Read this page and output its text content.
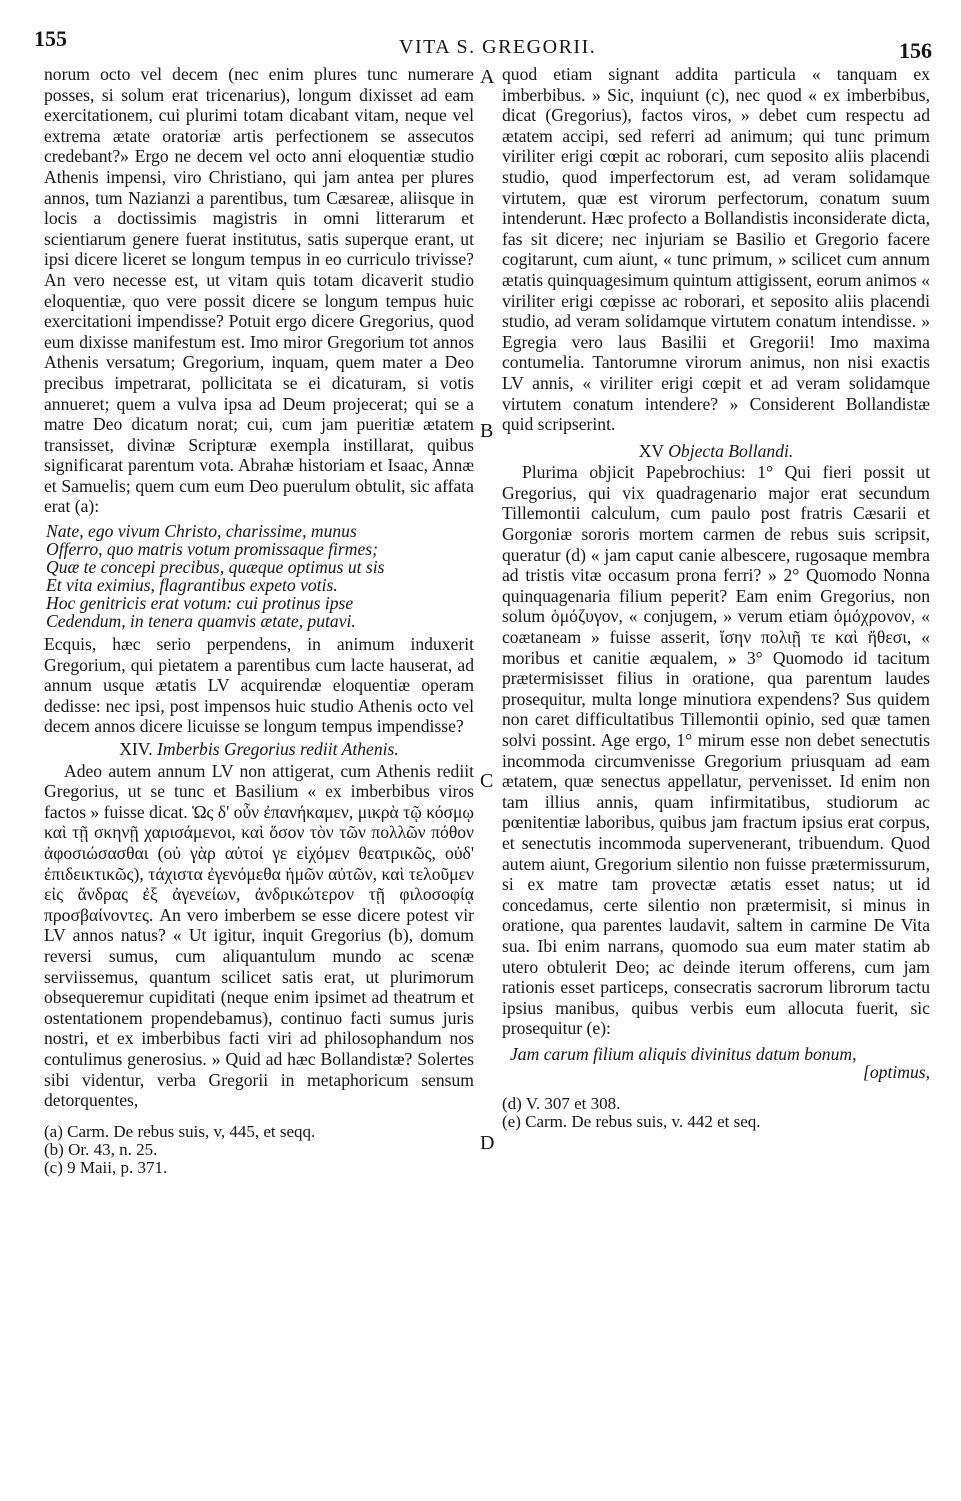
155	VITA S. GREGORII.	156

norum octo vel decem (nec enim plures tunc numerare posses, si solum erat tricenarius), longum dixisset ad eam exercitationem, cui plurimi totam dicabant vitam, neque vel extrema ætate oratoriæ artis perfectionem se assecutos credebant?» Ergo ne decem vel octo anni eloquentiæ studio Athenis impensi, viro Christiano, qui jam antea per plures annos, tum Nazianzi a parentibus, tum Cæsareæ, aliisque in locis a doctissimis magistris in omni litterarum et scientiarum genere fuerat institutus, satis superque erant, ut ipsi dicere liceret se longum tempus in eo curriculo trivisse? An vero necesse est, ut vitam quis totam dicaverit studio eloquentiæ, quo vere possit dicere se longum tempus huic exercitationi impendisse? Potuit ergo dicere Gregorius, quod eum dixisse manifestum est. Imo miror Gregorium tot annos Athenis versatum; Gregorium, inquam, quem mater a Deo precibus impetrarat, pollicitata se ei dicaturam, si votis annueret; quem a vulva ipsa ad Deum projecerat; qui se a matre Deo dicatum norat; cui, cum jam pueritiæ ætatem transisset, divinæ Scripturæ exempla instillarat, quibus significarat parentum vota. Abrahæ historiam et Isaac, Annæ et Samuelis; quem cum eum Deo puerulum obtulit, sic affata erat (a):

Nate, ego vivum Christo, charissime, munus
Offerro, quo matris votum promissaque firmes;
Quæ te concepi precibus, quæque optimus ut sis
Et vita eximius, flagrantibus expeto votis.
Hoc genitricis erat votum: cui protinus ipse
Cedendum, in tenera quamvis ætate, putavi.

Ecquis, hæc serio perpendens, in animum induxerit Gregorium, qui pietatem a parentibus cum lacte hauserat, ad annum usque ætatis LV acquirendæ eloquentiæ operam dedisse: nec ipsi, post impensos huic studio Athenis octo vel decem annos dicere licuisse se longum tempus impendisse?

XIV. Imberbis Gregorius rediit Athenis.

Adeo autem annum LV non attigerat, cum Athenis rediit Gregorius, ut se tunc et Basilium « ex imberbibus viros factos » fuisse dicat. Ὡς δ' οὖν ἐπανήκαμεν, μικρὰ τῷ κόσμῳ καὶ τῇ σκηνῇ χαρισάμενοι, καὶ ὅσον τὸν τῶν πολλῶν πόθον ἀφοσιώσασθαι (οὐ γὰρ αὐτοί γε εἰχόμεν θεατρικῶς, οὐδ' ἐπιδεικτικῶς), τάχιστα ἐγενόμεθα ἡμῶν αὐτῶν, καὶ τελοῦμεν εἰς ἄνδρας ἐξ ἀγενείων, ἀνδρικώτερον τῇ φιλοσοφίᾳ προσβαίνοντες. An vero imberbem se esse dicere potest vir LV annos natus? « Ut igitur, inquit Gregorius (b), domum reversi sumus, cum aliquantulum mundo ac scenæ serviissemus, quantum scilicet satis erat, ut plurimorum obsequeremur cupiditati (neque enim ipsimet ad theatrum et ostentationem propendebamus), continuo facti sumus juris nostri, et ex imberbibus facti viri ad philosophandum nos contulimus generosius. » Quid ad hæc Bollandistæ? Solertes sibi videntur, verba Gregorii in metaphoricum sensum detorquentes,

(a) Carm. De rebus suis, v, 445, et seqq.
(b) Or. 43, n. 25.
(c) 9 Maii, p. 371.
A
B
C
D

quod etiam signant addita particula « tanquam ex imberbibus. » Sic, inquiunt (c), nec quod « ex imberbibus, dicat (Gregorius), factos viros, » debet cum respectu ad ætatem accipi, sed referri ad animum; qui tunc primum viriliter erigi cœpit ac roborari, cum seposito aliis placendi studio, quod imperfectorum est, ad veram solidamque virtutem, quæ est virorum perfectorum, conatum suum intenderunt. Hæc profecto a Bollandistis inconsiderate dicta, fas sit dicere; nec injuriam se Basilio et Gregorio facere cogitarunt, cum aiunt, « tunc primum, » scilicet cum annum ætatis quinquagesimum quintum attigissent, eorum animos « viriliter erigi cœpisse ac roborari, et seposito aliis placendi studio, ad veram solidamque virtutem conatum intendisse. » Egregia vero laus Basilii et Gregorii! Imo maxima contumelia. Tantorumne virorum animus, non nisi exactis LV annis, « viriliter erigi cœpit et ad veram solidamque virtutem conatum intendere? » Considerent Bollandistæ quid scripserint.

XV Objecta Bollandi.

Plurima objicit Papebrochius: 1° Qui fieri possit ut Gregorius, qui vix quadragenario major erat secundum Tillemontii calculum, cum paulo post fratris Cæsarii et Gorgoniæ sororis mortem carmen de rebus suis scripsit, queratur (d) « jam caput canie albescere, rugosaque membra ad tristis vitæ occasum prona ferri? » 2° Quomodo Nonna quinquagenaria filium peperit? Eam enim Gregorius, non solum ὁμόζυγον, « conjugem, » verum etiam ὁμόχρονον, « coætaneam » fuisse asserit, ἴσην πολιῇ τε καὶ ἤθεσι, « moribus et canitie æqualem, » 3° Quomodo id tacitum prætermisisset filius in oratione, qua parentum laudes prosequitur, multa longe minutiora expendens? Sus quidem non caret difficultatibus Tillemontii opinio, sed quæ tamen solvi possint. Age ergo, 1° mirum esse non debet senectutis incommoda circumvenisse Gregorium priusquam ad eam ætatem, quæ senectus appellatur, pervenisset. Id enim non tam illius annis, quam infirmitatibus, studiorum ac pœnitentiæ laboribus, quibus jam fractum ipsius erat corpus, et senectutis incommoda supervenerant, tribuendum. Quod autem aiunt, Gregorium silentio non fuisse prætermissurum, si ex matre tam provectæ ætatis esset natus; ut id concedamus, certe silentio non prætermisit, si minus in oratione, qua parentes laudavit, saltem in carmine De Vita sua. Ibi enim narrans, quomodo sua eum mater statim ab utero obtulerit Deo; ac deinde iterum offerens, cum jam rationis esset particeps, consecratis sacrorum librorum tactu ipsius manibus, quibus verbis eum allocuta fuerit, sic prosequitur (e):

Jam carum filium aliquis divinitus datum bonum,
[optimus,
(d) V. 307 et 308.
(e) Carm. De rebus suis, v. 442 et seq.
